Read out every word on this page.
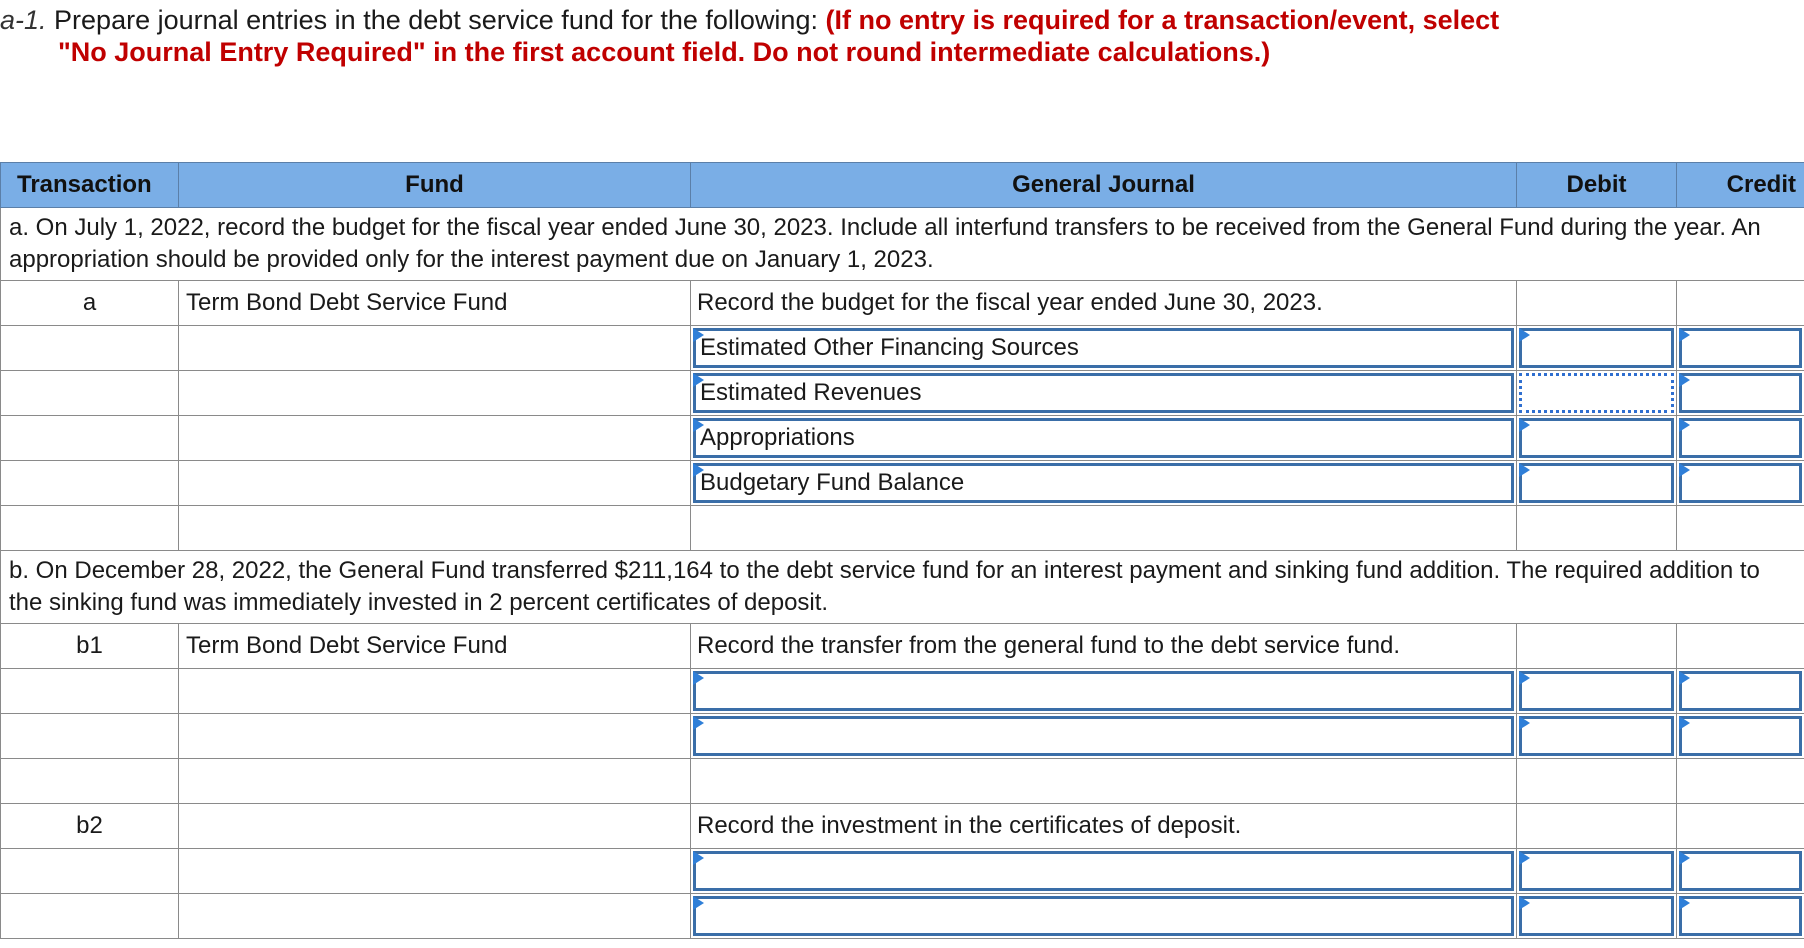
a-1. Prepare journal entries in the debt service fund for the following: (If no entry is required for a transaction/event, select
"No Journal Entry Required" in the first account field. Do not round intermediate calculations.)
Transaction	Fund	General Journal	Debit	Credit
a. On July 1, 2022, record the budget for the fiscal year ended June 30, 2023. Include all interfund transfers to be received from the General Fund during the year. An appropriation should be provided only for the interest payment due on January 1, 2023.				
a	Term Bond Debt Service Fund	Record the budget for the fiscal year ended June 30, 2023.		

Estimated Other Financing Sources	

Estimated Revenues	

Appropriations	

Budgetary Fund Balance	

b. On December 28, 2022, the General Fund transferred $211,164 to the debt service fund for an interest payment and sinking fund addition. The required addition to the sinking fund was immediately invested in 2 percent certificates of deposit.				
b1	Term Bond Debt Service Fund	Record the transfer from the general fund to the debt service fund.		

b2		Record the investment in the certificates of deposit.		
